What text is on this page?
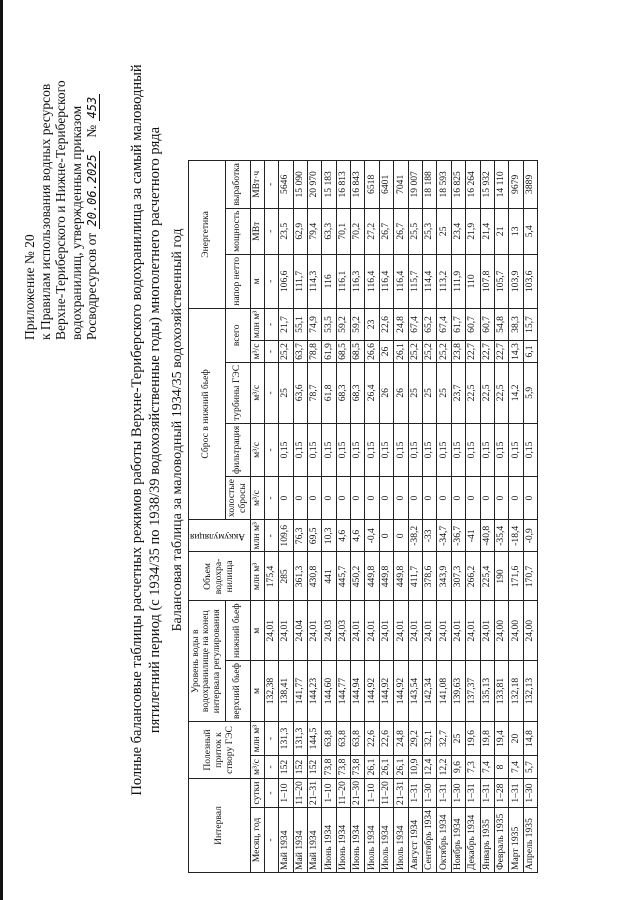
Приложение № 20 к Правилам использования водных ресурсов Верхне-Териберского и Нижне-Териберского водохранилищ, утвержденным приказом Росводресурсов от 20.06.2025    № 453 Полные балансовые таблицы расчетных режимов работы Верхне-Териберского водохранилища за самый маловодный пятилетний период (с 1934/35 по 1938/39 водохозяйственные годы) многолетнего расчетного ряда Балансовая таблица за маловодный 1934/35 водохозяйственный год
Интервал		Полезный приток к створу ГЭС		Уровень воды в водохранилище на конец интервала регулирования		Объем водохра-нилища	Аккумуляция	Сброс в нижний бьеф					Энергетика		
				верхний бьеф	нижний бьеф			холостые сбросы	фильтрация	турбины ГЭС	всего		напор нетто	мощность	выработка
Месяц, год	сутки	м³/с	млн м³	м	м	млн м³	млн м³	м³/с	м³/с	м³/с	м³/с	млн м³	м	МВт	МВт·ч
-	-	-	-	132,38	24,01	175,4	-	-	-	-	-	-	-	-	-
Май 1934	1–10	152	131,3	138,41	24,01	285	109,6	0	0,15	25	25,2	21,7	106,6	23,5	5646
Май 1934	11–20	152	131,3	141,77	24,04	361,3	76,3	0	0,15	63,6	63,7	55,1	111,7	62,9	15 090
Май 1934	21–31	152	144,5	144,23	24,01	430,8	69,5	0	0,15	78,7	78,8	74,9	114,3	79,4	20 970
Июнь 1934	1–10	73,8	63,8	144,60	24,03	441	10,3	0	0,15	61,8	61,9	53,5	116	63,3	15 183
Июнь 1934	11–20	73,8	63,8	144,77	24,03	445,7	4,6	0	0,15	68,3	68,5	59,2	116,1	70,1	16 813
Июнь 1934	21–30	73,8	63,8	144,94	24,01	450,2	4,6	0	0,15	68,3	68,5	59,2	116,3	70,2	16 843
Июль 1934	1–10	26,1	22,6	144,92	24,01	449,8	-0,4	0	0,15	26,4	26,6	23	116,4	27,2	6518
Июль 1934	11–20	26,1	22,6	144,92	24,01	449,8	0	0	0,15	26	26	22,6	116,4	26,7	6401
Июль 1934	21–31	26,1	24,8	144,92	24,01	449,8	0	0	0,15	26	26,1	24,8	116,4	26,7	7041
Август 1934	1–31	10,9	29,2	143,54	24,01	411,7	-38,2	0	0,15	25	25,2	67,4	115,7	25,5	19 007
Сентябрь 1934	1–30	12,4	32,1	142,34	24,01	378,6	-33	0	0,15	25	25,2	65,2	114,4	25,3	18 188
Октябрь 1934	1–31	12,2	32,7	141,08	24,01	343,9	-34,7	0	0,15	25	25,2	67,4	113,2	25	18 593
Ноябрь 1934	1–30	9,6	25	139,63	24,01	307,3	-36,7	0	0,15	23,7	23,8	61,7	111,9	23,4	16 825
Декабрь 1934	1–31	7,3	19,6	137,37	24,01	266,2	-41	0	0,15	22,5	22,7	60,7	110	21,9	16 264
Январь 1935	1–31	7,4	19,8	135,13	24,01	225,4	-40,8	0	0,15	22,5	22,7	60,7	107,8	21,4	15 932
Февраль 1935	1–28	8	19,4	133,81	24,00	190	-35,4	0	0,15	22,5	22,7	54,8	105,7	21	14 110
Март 1935	1–31	7,4	20	132,18	24,00	171,6	-18,4	0	0,15	14,2	14,3	38,3	103,9	13	9679
Апрель 1935	1–30	5,7	14,8	132,13	24,00	170,7	-0,9	0	0,15	5,9	6,1	15,7	103,6	5,4	3889
